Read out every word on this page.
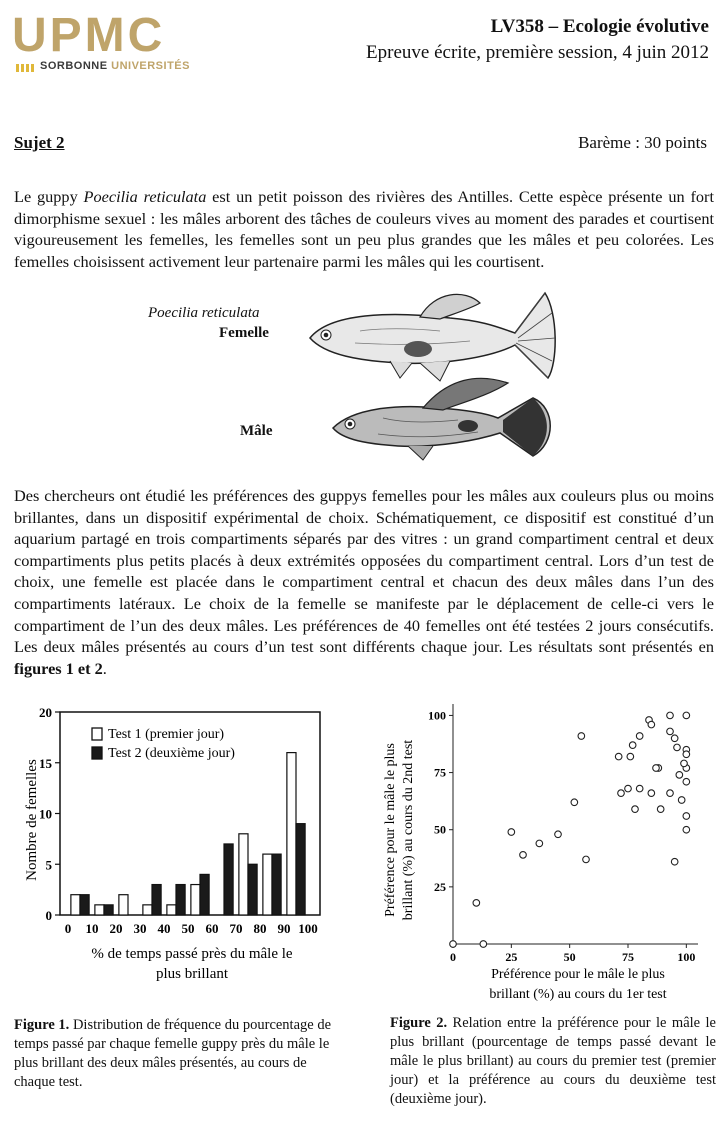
UPMC
SORBONNE UNIVERSITÉS
LV358 – Ecologie évolutive
Epreuve écrite, première session, 4 juin 2012
Sujet 2	Barème : 30 points
Le guppy Poecilia reticulata est un petit poisson des rivières des Antilles. Cette espèce présente un fort dimorphisme sexuel : les mâles arborent des tâches de couleurs vives au moment des parades et courtisent vigoureusement les femelles, les femelles sont un peu plus grandes que les mâles et peu colorées. Les femelles choisissent activement leur partenaire parmi les mâles qui les courtisent.
Poecilia reticulata
Femelle
Mâle
Des chercheurs ont étudié les préférences des guppys femelles pour les mâles aux couleurs plus ou moins brillantes, dans un dispositif expérimental de choix. Schématiquement, ce dispositif est constitué d’un aquarium partagé en trois compartiments séparés par des vitres : un grand compartiment central et deux compartiments plus petits placés à deux extrémités opposées du compartiment central. Lors d’un test de choix, une femelle est placée dans le compartiment central et chacun des deux mâles dans l’un des compartiments latéraux. Le choix de la femelle se manifeste par le déplacement de celle-ci vers le compartiment de l’un des deux mâles. Les préférences de 40 femelles ont été testées 2 jours consécutifs. Les deux mâles présentés au cours d’un test sont différents chaque jour. Les résultats sont présentés en figures 1 et 2.
Nombre de femelles
Test 1 (premier jour)
Test 2 (deuxième jour)
% de temps passé près du mâle le
plus brillant
0
5
10
15
20
0 10 20 30 40 50 60 70 80 90 100
Préférence pour le mâle le plus brillant (%) au cours du 2nd test
Préférence pour le mâle le plus
brillant (%) au cours du 1er test
0	25	50	75	100
25
50
75
100
Figure 1. Distribution de fréquence du pourcentage de temps passé par chaque femelle guppy près du mâle le plus brillant des deux mâles présentés, au cours de chaque test.
Figure 2. Relation entre la préférence pour le mâle le plus brillant (pourcentage de temps passé devant le mâle le plus brillant) au cours du premier test (premier jour) et la préférence au cours du deuxième test (deuxième jour).
